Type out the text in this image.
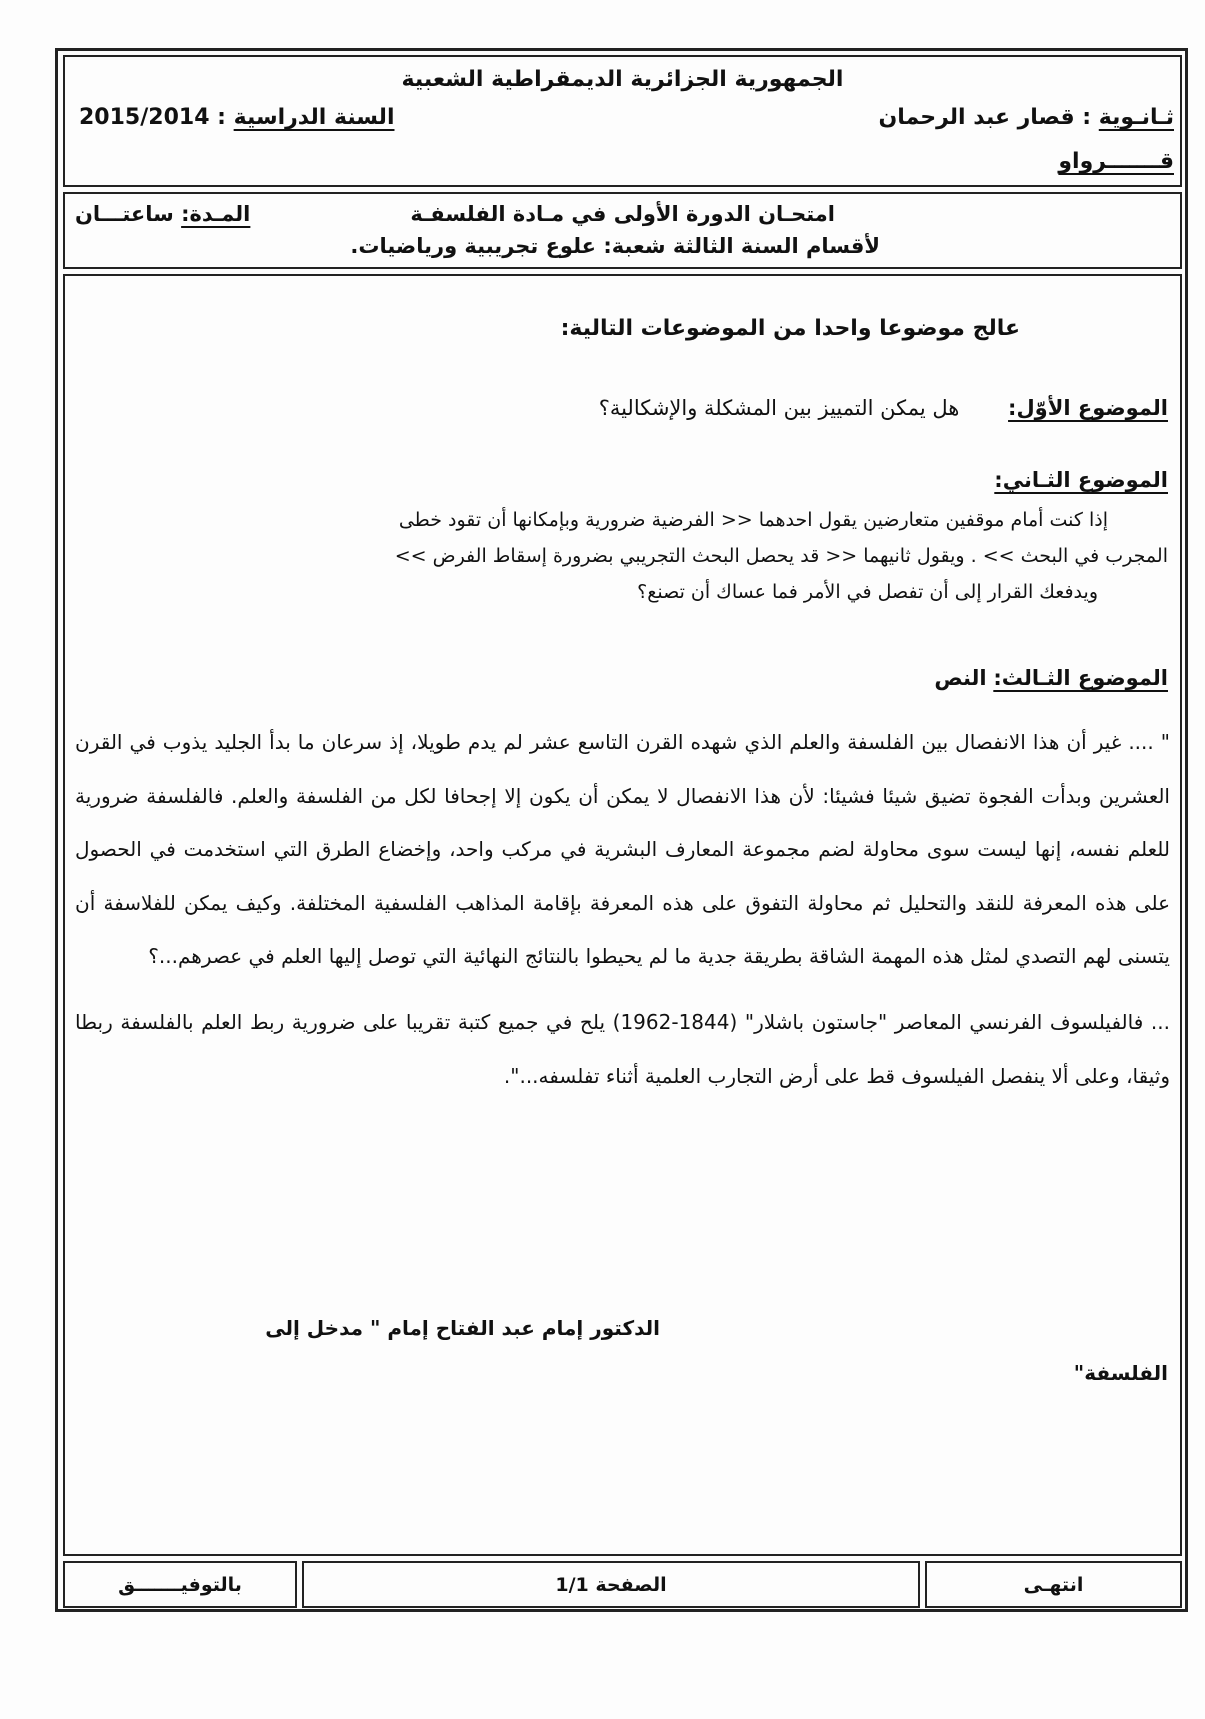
الجمهورية الجزائرية الديمقراطية الشعبية
ثـانـوية : قصار عبد الرحمان
قـــــــرواو
السنة الدراسية : 2015/2014
امتحـان الدورة الأولى في مـادة الفلسفـة
المـدة: ساعتـــان
لأقسام السنة الثالثة شعبة: علوع تجريبية ورياضيات.
عالج موضوعا واحدا من الموضوعات التالية:
الموضوع الأوّل: هل يمكن التمييز بين المشكلة والإشكالية؟
الموضوع الثـاني:

إذا كنت أمام موقفين متعارضين يقول احدهما << الفرضية ضرورية وبإمكانها أن تقود خطى

المجرب في البحث >> . ويقول ثانيهما << قد يحصل البحث التجريبي بضرورة إسقاط الفرض >>

ويدفعك القرار إلى أن تفصل في الأمر فما عساك أن تصنع؟

الموضوع الثـالث: النص

" .... غير أن هذا الانفصال بين الفلسفة والعلم الذي شهده القرن التاسع عشر لم يدم طويلا، إذ سرعان ما بدأ الجليد يذوب في القرن العشرين وبدأت الفجوة تضيق شيئا فشيئا: لأن هذا الانفصال لا يمكن أن يكون إلا إجحافا لكل من الفلسفة والعلم. فالفلسفة ضرورية للعلم نفسه، إنها ليست سوى محاولة لضم مجموعة المعارف البشرية في مركب واحد، وإخضاع الطرق التي استخدمت في الحصول على هذه المعرفة للنقد والتحليل ثم محاولة التفوق على هذه المعرفة بإقامة المذاهب الفلسفية المختلفة. وكيف يمكن للفلاسفة أن يتسنى لهم التصدي لمثل هذه المهمة الشاقة بطريقة جدية ما لم يحيطوا بالنتائج النهائية التي توصل إليها العلم في عصرهم...؟

... فالفيلسوف الفرنسي المعاصر "جاستون باشلار" (1844-1962) يلح في جميع كتبة تقريبا على ضرورية ربط العلم بالفلسفة ربطا وثيقا، وعلى ألا ينفصل الفيلسوف قط على أرض التجارب العلمية أثناء تفلسفه...".

الدكتور إمام عبد الفتاح إمام " مدخل إلى
الفلسفة"
انتهـى
الصفحة 1/1
بالتوفيـــــــق
